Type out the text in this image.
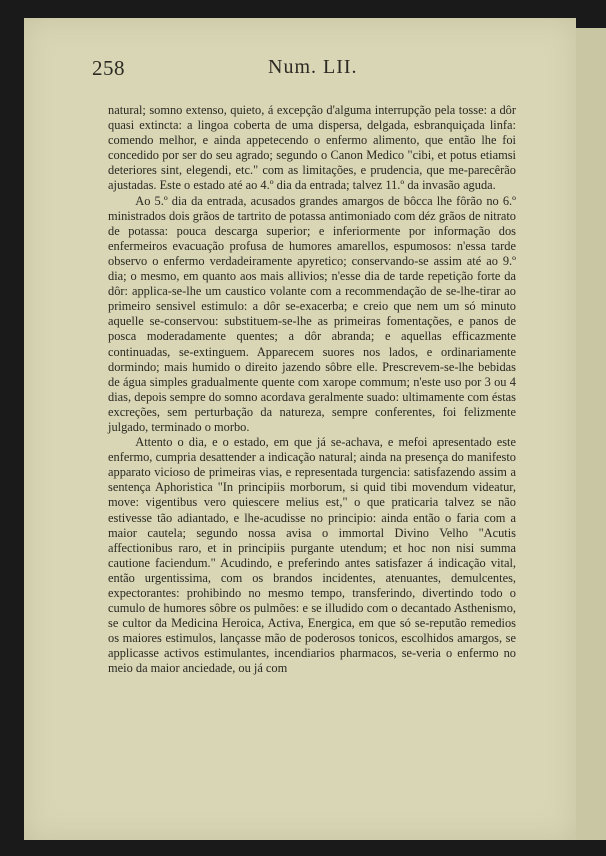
258	Num. LII.

natural; somno extenso, quieto, á excepção d'alguma interrupção pela tosse: a dôr quasi extincta: a lingoa coberta de uma dispersa, delgada, esbranquiçada linfa: comendo melhor, e ainda appetecendo o enfermo alimento, que então lhe foi concedido por ser do seu agrado; segundo o Canon Medico "cibi, et potus etiamsi deteriores sint, elegendi, etc." com as limitações, e prudencia, que me-parecêrão ajustadas. Este o estado até ao 4.º dia da entrada; talvez 11.º da invasão aguda.

Ao 5.º dia da entrada, acusados grandes amargos de bôcca lhe fôrão no 6.º ministrados dois grãos de tartrito de potassa antimoniado com déz grãos de nitrato de potassa: pouca descarga superior; e inferiormente por informação dos enfermeiros evacuação profusa de humores amarellos, espumosos: n'essa tarde observo o enfermo verdadeiramente apyretico; conservando-se assim até ao 9.º dia; o mesmo, em quanto aos mais allivios; n'esse dia de tarde repetição forte da dôr: applica-se-lhe um caustico volante com a recommendação de se-lhe-tirar ao primeiro sensivel estimulo: a dôr se-exacerba; e creio que nem um só minuto aquelle se-conservou: substituem-se-lhe as primeiras fomentações, e panos de posca moderadamente quentes; a dôr abranda; e aquellas efficazmente continuadas, se-extinguem. Apparecem suores nos lados, e ordinariamente dormindo; mais humido o direito jazendo sôbre elle. Prescrevem-se-lhe bebidas de água simples gradualmente quente com xarope commum; n'este uso por 3 ou 4 dias, depois sempre do somno acordava geralmente suado: ultimamente com éstas excreções, sem perturbação da natureza, sempre conferentes, foi felizmente julgado, terminado o morbo.

Attento o dia, e o estado, em que já se-achava, e mefoi apresentado este enfermo, cumpria desattender a indicação natural; ainda na presença do manifesto apparato vicioso de primeiras vias, e representada turgencia: satisfazendo assim a sentença Aphoristica "In principiis morborum, si quid tibi movendum videatur, move: vigentibus vero quiescere melius est," o que praticaria talvez se não estivesse tão adiantado, e lhe-acudisse no principio: ainda então o faria com a maior cautela; segundo nossa avisa o immortal Divino Velho "Acutis affectionibus raro, et in principiis purgante utendum; et hoc non nisi summa cautione faciendum." Acudindo, e preferindo antes satisfazer á indicação vital, então urgentissima, com os brandos incidentes, atenuantes, demulcentes, expectorantes: prohibindo no mesmo tempo, transferindo, divertindo todo o cumulo de humores sôbre os pulmões: e se illudido com o decantado Asthenismo, se cultor da Medicina Heroica, Activa, Energica, em que só se-reputão remedios os maiores estimulos, lançasse mão de poderosos tonicos, escolhidos amargos, se applicasse activos estimulantes, incendiarios pharmacos, se-veria o enfermo no meio da maior anciedade, ou já com
